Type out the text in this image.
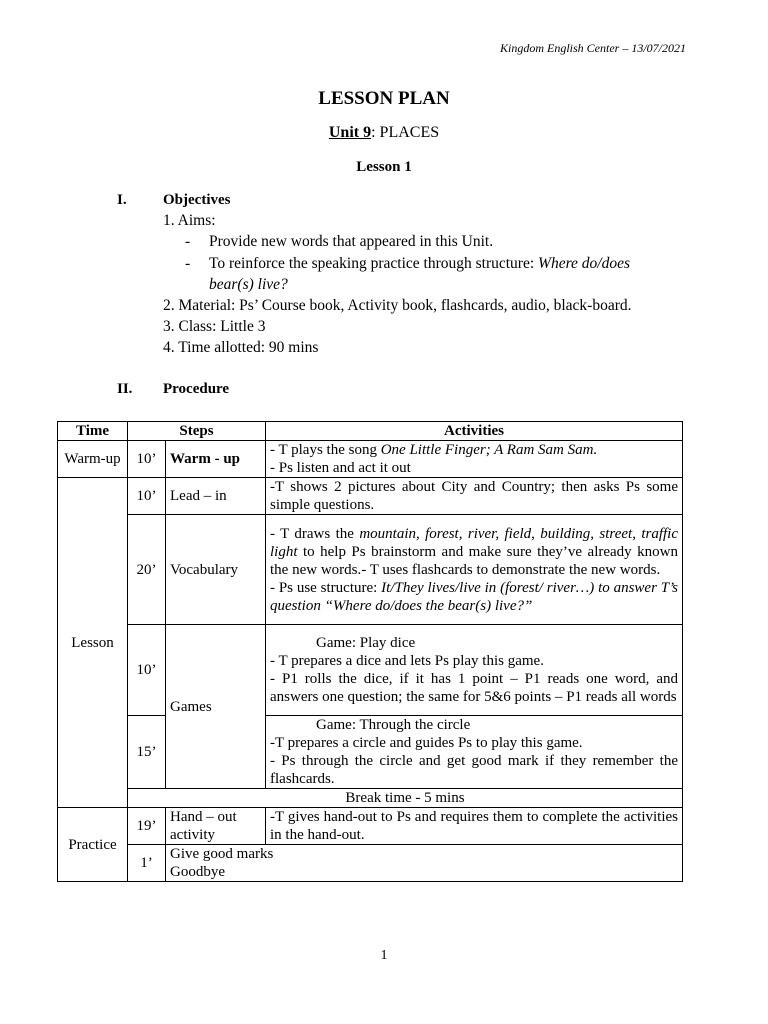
Kingdom English Center – 13/07/2021
LESSON PLAN
Unit 9: PLACES
Lesson 1
I. Objectives
1. Aims:
- Provide new words that appeared in this Unit.
- To reinforce the speaking practice through structure: Where do/does
bear(s) live?
2. Material: Ps’ Course book, Activity book, flashcards, audio, black-board.
3. Class: Little 3
4. Time allotted: 90 mins
II. Procedure
Time	Steps		Activities
Warm-up	10’	Warm - up	- T plays the song One Little Finger; A Ram Sam Sam.
- Ps listen and act it out

Lesson	10’	Lead – in	-T shows 2 pictures about City and Country; then asks Ps some simple questions.
	20’	Vocabulary	- T draws the mountain, forest, river, field, building, street, traffic light to help Ps brainstorm and make sure they’ve already known the new words.- T uses flashcards to demonstrate the new words.
- Ps use structure: It/They lives/live in (forest/ river…) to answer T’s question “Where do/does the bear(s) live?”

	10’	Games	Game: Play dice
- T prepares a dice and lets Ps play this game.
- P1 rolls the dice, if it has 1 point – P1 reads one word, and answers one question; the same for 5&6 points – P1 reads all words

	15’		Game: Through the circle
-T prepares a circle and guides Ps to play this game.
- Ps through the circle and get good mark if they remember the flashcards.

	Break time - 5 mins		
Practice	19’	Hand – out activity	-T gives hand-out to Ps and requires them to complete the activities in the hand-out.
	1’	Give good marks
Goodbye	
1
